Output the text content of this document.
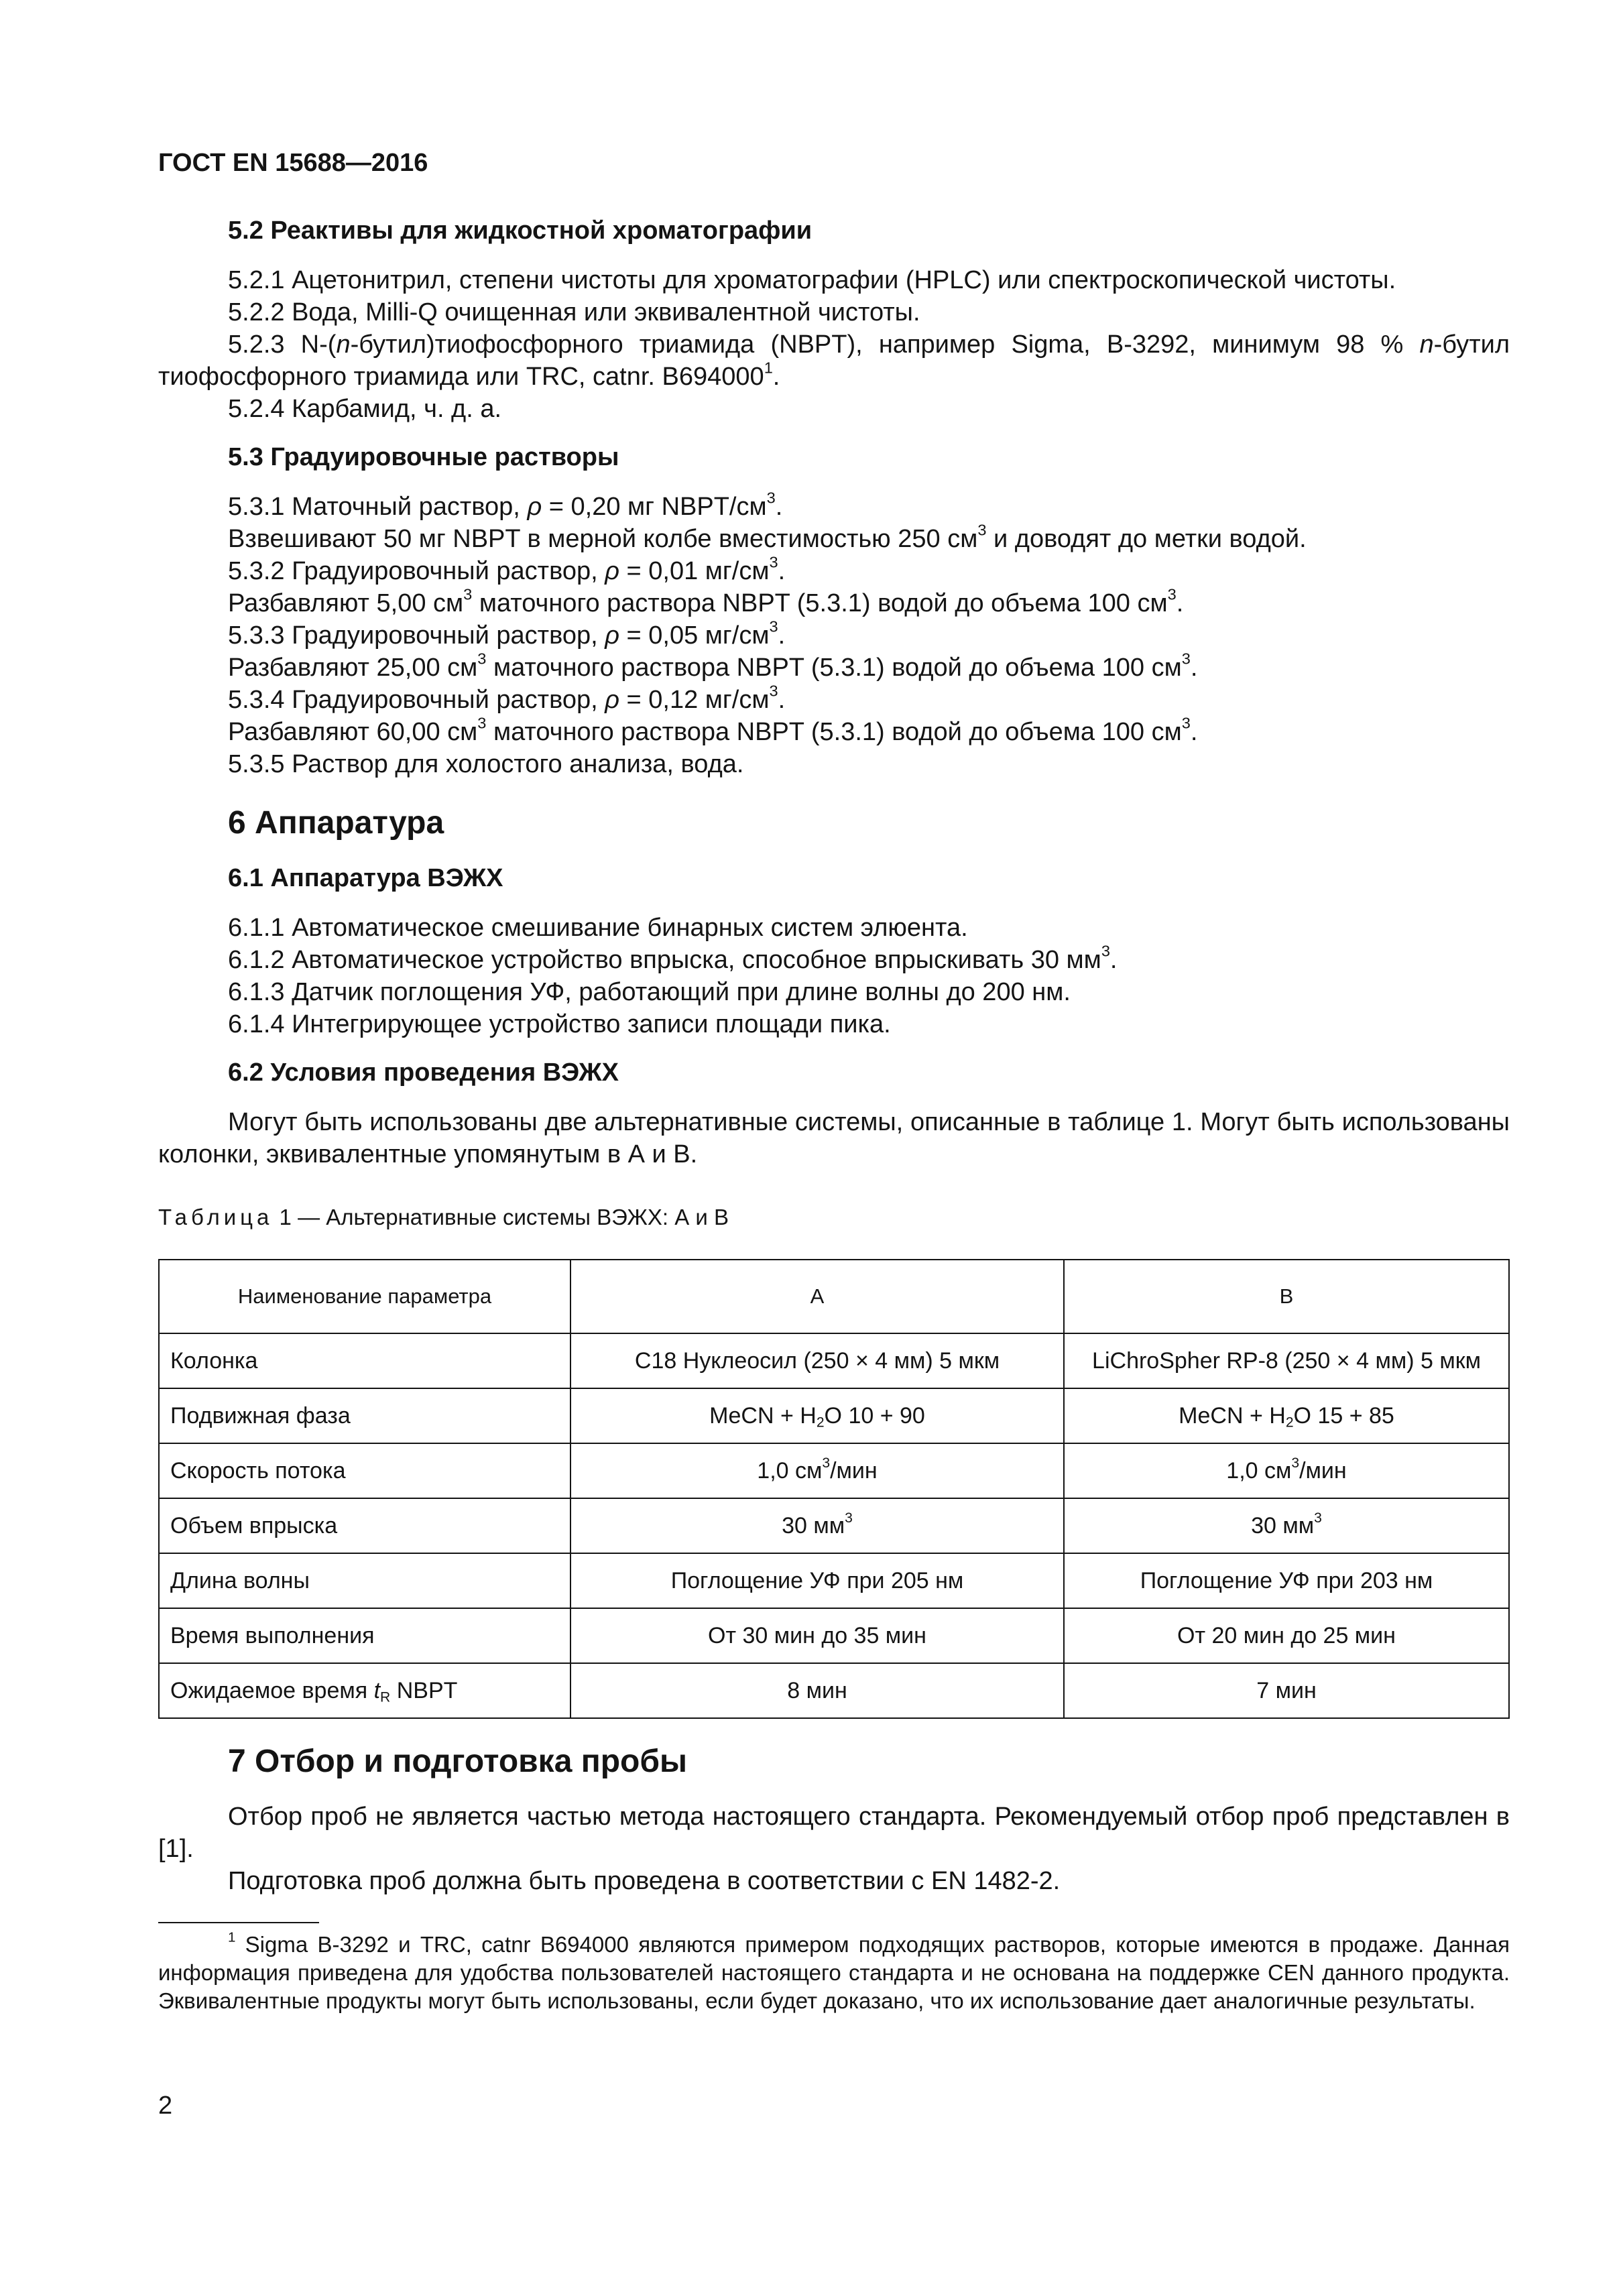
ГОСТ EN 15688—2016
5.2 Реактивы для жидкостной хроматографии

5.2.1 Ацетонитрил, степени чистоты для хроматографии (HPLC) или спектроскопической чистоты.

5.2.2 Вода, Milli-Q очищенная или эквивалентной чистоты.

5.2.3 N-(n-бутил)тиофосфорного триамида (NBPT), например Sigma, B-3292, минимум 98 % n-бутил тиофосфорного триамида или TRC, catnr. B694000$^1$.

5.2.4 Карбамид, ч. д. а.

5.3 Градуировочные растворы

5.3.1 Маточный раствор, ρ = 0,20 мг NBPT/$см^3$.

Взвешивают 50 мг NBPT в мерной колбе вместимостью 250 $см^3$ и доводят до метки водой.

5.3.2 Градуировочный раствор, ρ = 0,01 $мг/см^3$.

Разбавляют 5,00 $см^3$ маточного раствора NBPT (5.3.1) водой до объема 100 $см^3$.

5.3.3 Градуировочный раствор, ρ = 0,05 $мг/см^3$.

Разбавляют 25,00 $см^3$ маточного раствора NBPT (5.3.1) водой до объема 100 $см^3$.

5.3.4 Градуировочный раствор, ρ = 0,12 $мг/см^3$.

Разбавляют 60,00 $см^3$ маточного раствора NBPT (5.3.1) водой до объема 100 $см^3$.

5.3.5 Раствор для холостого анализа, вода.

6 Аппаратура
6.1 Аппаратура ВЭЖХ

6.1.1 Автоматическое смешивание бинарных систем элюента.

6.1.2 Автоматическое устройство впрыска, способное впрыскивать 30 $мм^3$.

6.1.3 Датчик поглощения УФ, работающий при длине волны до 200 нм.

6.1.4 Интегрирующее устройство записи площади пика.

6.2 Условия проведения ВЭЖХ

Могут быть использованы две альтернативные системы, описанные в таблице 1. Могут быть использованы колонки, эквивалентные упомянутым в А и В.

Таблица 1 — Альтернативные системы ВЭЖХ: А и В
Наименование параметра	А	В
Колонка	C18 Нуклеосил (250 × 4 мм) 5 мкм	LiChroSpher RP-8 (250 × 4 мм) 5 мкм
Подвижная фаза	MeCN + $H_2O$ 10 + 90	MeCN + $H_2O$ 15 + 85
Скорость потока	1,0 $см^3$/мин	1,0 $см^3$/мин
Объем впрыска	30 $мм^3$	30 $мм^3$
Длина волны	Поглощение УФ при 205 нм	Поглощение УФ при 203 нм
Время выполнения	От 30 мин до 35 мин	От 20 мин до 25 мин
Ожидаемое время $t_R$ NBPT	8 мин	7 мин
7 Отбор и подготовка пробы

Отбор проб не является частью метода настоящего стандарта. Рекомендуемый отбор проб представлен в [1].

Подготовка проб должна быть проведена в соответствии с EN 1482-2.

$^1$ Sigma B-3292 и TRC, catnr B694000 являются примером подходящих растворов, которые имеются в продаже. Данная информация приведена для удобства пользователей настоящего стандарта и не основана на поддержке CEN данного продукта. Эквивалентные продукты могут быть использованы, если будет доказано, что их использование дает аналогичные результаты.

2
